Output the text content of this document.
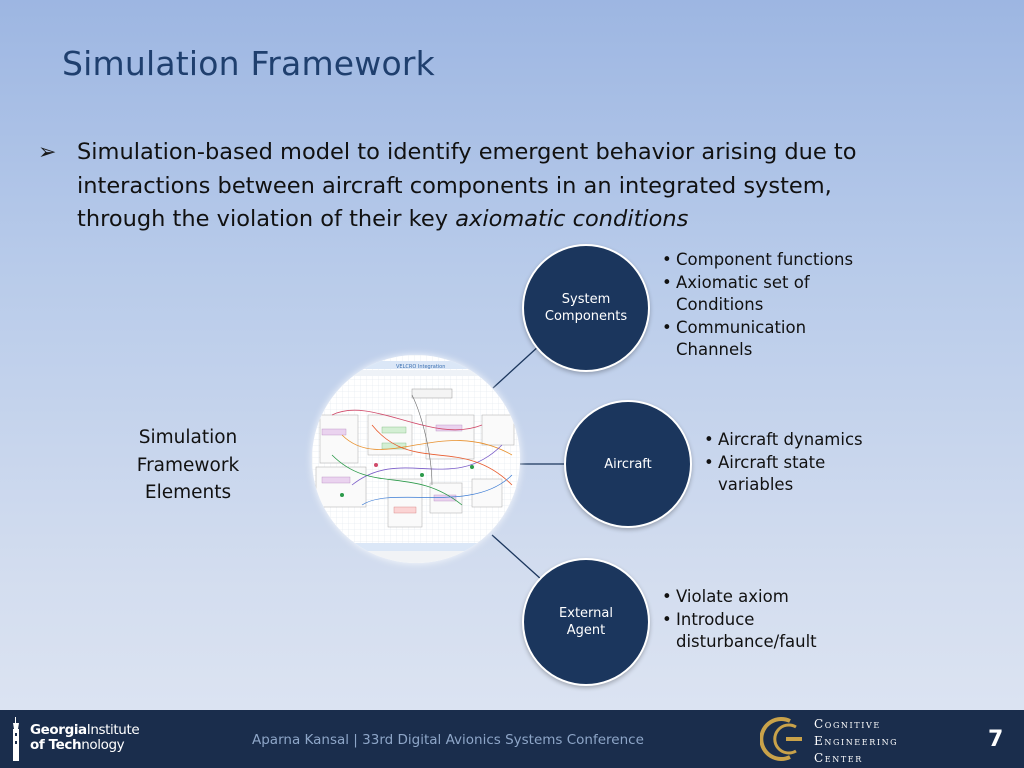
Simulation Framework
➢ Simulation-based model to identify emergent behavior arising due to interactions between aircraft components in an integrated system, through the violation of their key axiomatic conditions
Simulation Framework Elements
VELCRO Integration
System Components
• Component functions
• Axiomatic set of Conditions
• Communication Channels
Aircraft
• Aircraft dynamics
• Aircraft state variables
External Agent
• Violate axiom
• Introduce disturbance/fault
GeorgiaInstitute
of Technology	Aparna Kansal | 33rd Digital Avionics Systems Conference
Cognitive
Engineering
Center
7
